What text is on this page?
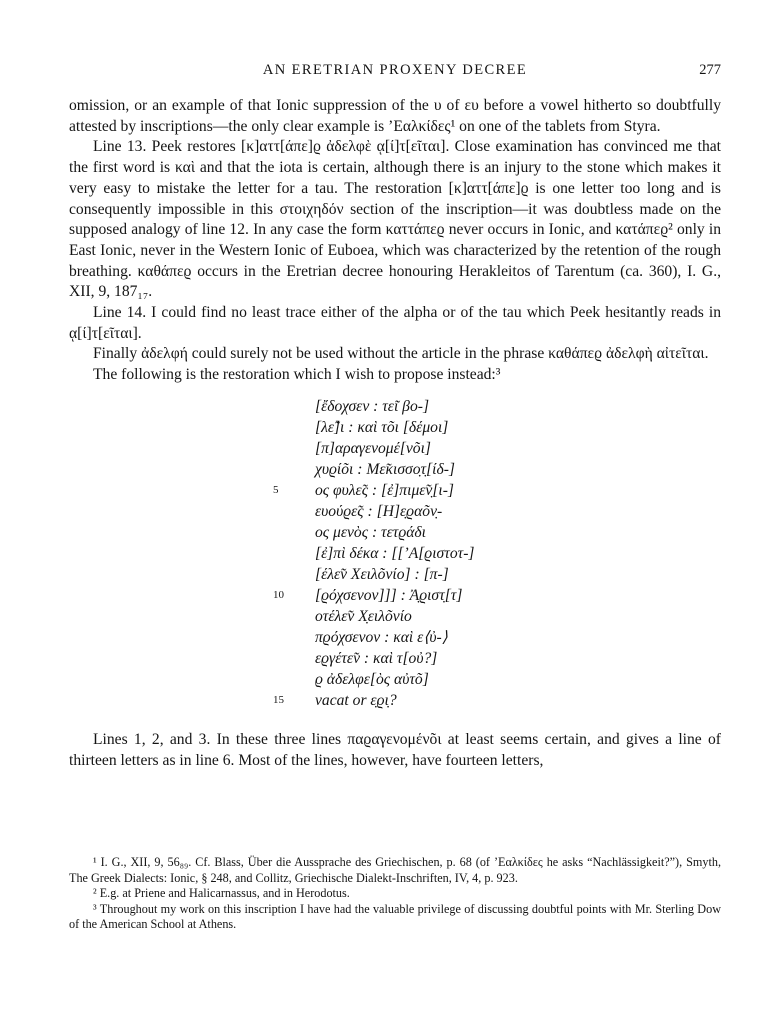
AN ERETRIAN PROXENY DECREE	277

omission, or an example of that Ionic suppression of the υ of ευ before a vowel hitherto so doubtfully attested by inscriptions—the only clear example is ’Εαλκίδες¹ on one of the tablets from Styra.

Line 13. Peek restores [κ]αττ[άπε]ϱ ἀδελφὲ ᾳ[ί]τ[εῖται]. Close examination has convinced me that the first word is καὶ and that the iota is certain, although there is an injury to the stone which makes it very easy to mistake the letter for a tau. The restoration [κ]αττ[άπε]ϱ is one letter too long and is consequently impossible in this στοιχηδόν section of the inscription—it was doubtless made on the supposed analogy of line 12. In any case the form καττάπεϱ never occurs in Ionic, and κατάπεϱ² only in East Ionic, never in the Western Ionic of Euboea, which was characterized by the retention of the rough breathing. καθάπεϱ occurs in the Eretrian decree honouring Herakleitos of Tarentum (ca. 360), I. G., XII, 9, 187₁₇.

Line 14. I could find no least trace either of the alpha or of the tau which Peek hesitantly reads in ᾳ[ί]τ[εῖται].

Finally ἀδελφή could surely not be used without the article in the phrase καθάπεϱ ἀδελφὴ αἰτεῖται.

The following is the restoration which I wish to propose instead:³

[ἔδοχσεν : τε̃ι βο-]
[λε̃]ι : καὶ τõι [δέμοι]
[π]αραγενομέ[νõι]
χυϱίõι : Με̃κισσο̣τ̣[ίδ-]
5 ος φυλε̃ς : [ἐ]πιμε̃ν̣[ι-]
ευούϱε̃ς : [Η]ε̣ϱαõν̣-
ος μενὸς : τετϱάδι
[ἐ]πὶ δέκα : [[’Α[ϱιστοτ-]
[έλε̃ν Χειλõνίο] : [π-]
10 [ϱόχσενον]]] : Ἀ̣ϱιστ̣[τ]
οτέλε̃ν Χ̣ειλõνίο
πϱόχσενον : καὶ ε⟨ὐ-⟩
εϱγέτε̃ν : καὶ τ[οὐ?]
ϱ ἀδελφε[ὸς αὐτõ]
15 vacat or ε̣ϱι̣?

Lines 1, 2, and 3. In these three lines παϱαγενομένõι at least seems certain, and gives a line of thirteen letters as in line 6. Most of the lines, however, have fourteen letters,

¹ I. G., XII, 9, 56₈₉. Cf. Blass, Über die Aussprache des Griechischen, p. 68 (of ’Εαλκίδες he asks “Nachlässigkeit?”), Smyth, The Greek Dialects: Ionic, § 248, and Collitz, Griechische Dialekt-Inschriften, IV, 4, p. 923.

² E.g. at Priene and Halicarnassus, and in Herodotus.

³ Throughout my work on this inscription I have had the valuable privilege of discussing doubtful points with Mr. Sterling Dow of the American School at Athens.
